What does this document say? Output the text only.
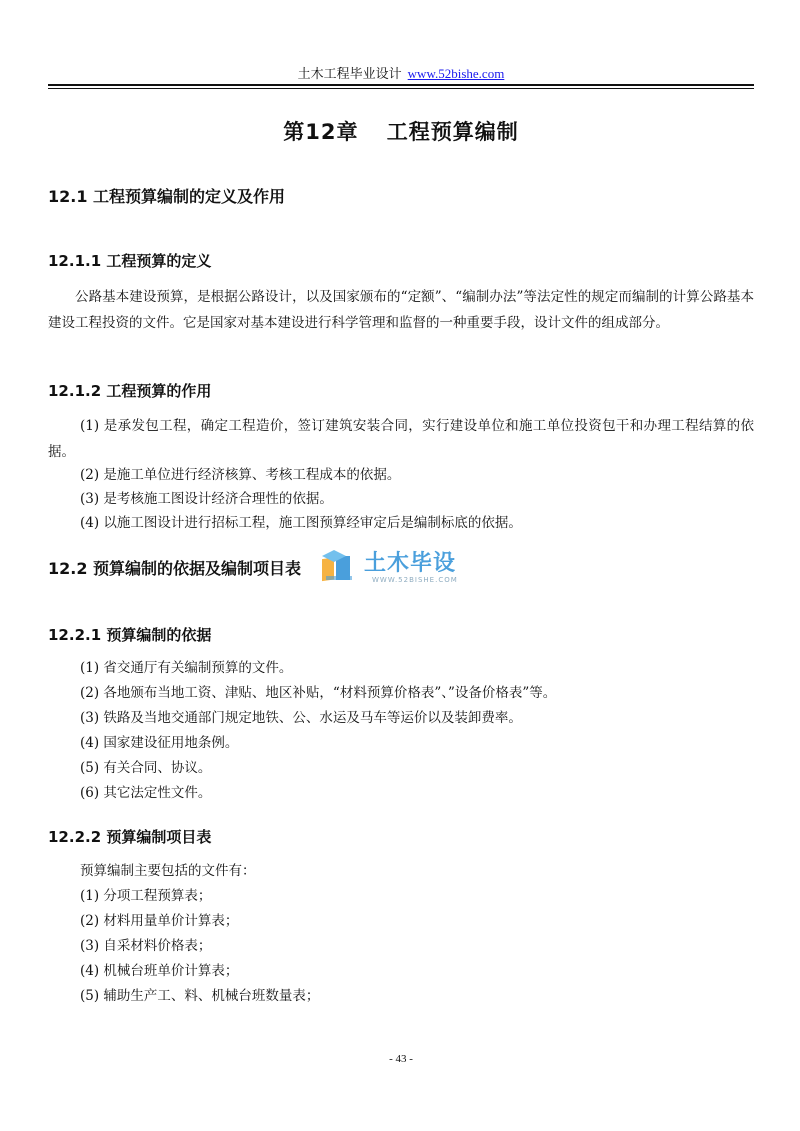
土木工程毕业设计 www.52bishe.com
第12章 工程预算编制
12.1 工程预算编制的定义及作用
12.1.1 工程预算的定义
公路基本建设预算，是根据公路设计，以及国家颁布的“定额”、“编制办法”等法定性的规定而编制的计算公路基本建设工程投资的文件。它是国家对基本建设进行科学管理和监督的一种重要手段，设计文件的组成部分。
12.1.2 工程预算的作用
(1) 是承发包工程，确定工程造价，签订建筑安装合同，实行建设单位和施工单位投资包干和办理工程结算的依据。
(2) 是施工单位进行经济核算、考核工程成本的依据。
(3) 是考核施工图设计经济合理性的依据。
(4) 以施工图设计进行招标工程，施工图预算经审定后是编制标底的依据。
12.2 预算编制的依据及编制项目表	土木毕设
WWW.52BISHE.COM
12.2.1 预算编制的依据
(1) 省交通厅有关编制预算的文件。
(2) 各地颁布当地工资、津贴、地区补贴，“材料预算价格表”、”设备价格表”等。
(3) 铁路及当地交通部门规定地铁、公、水运及马车等运价以及装卸费率。
(4) 国家建设征用地条例。
(5) 有关合同、协议。
(6) 其它法定性文件。
12.2.2 预算编制项目表
预算编制主要包括的文件有：
(1) 分项工程预算表；
(2) 材料用量单价计算表；
(3) 自采材料价格表；
(4) 机械台班单价计算表；
(5) 辅助生产工、料、机械台班数量表；
- 43 -
